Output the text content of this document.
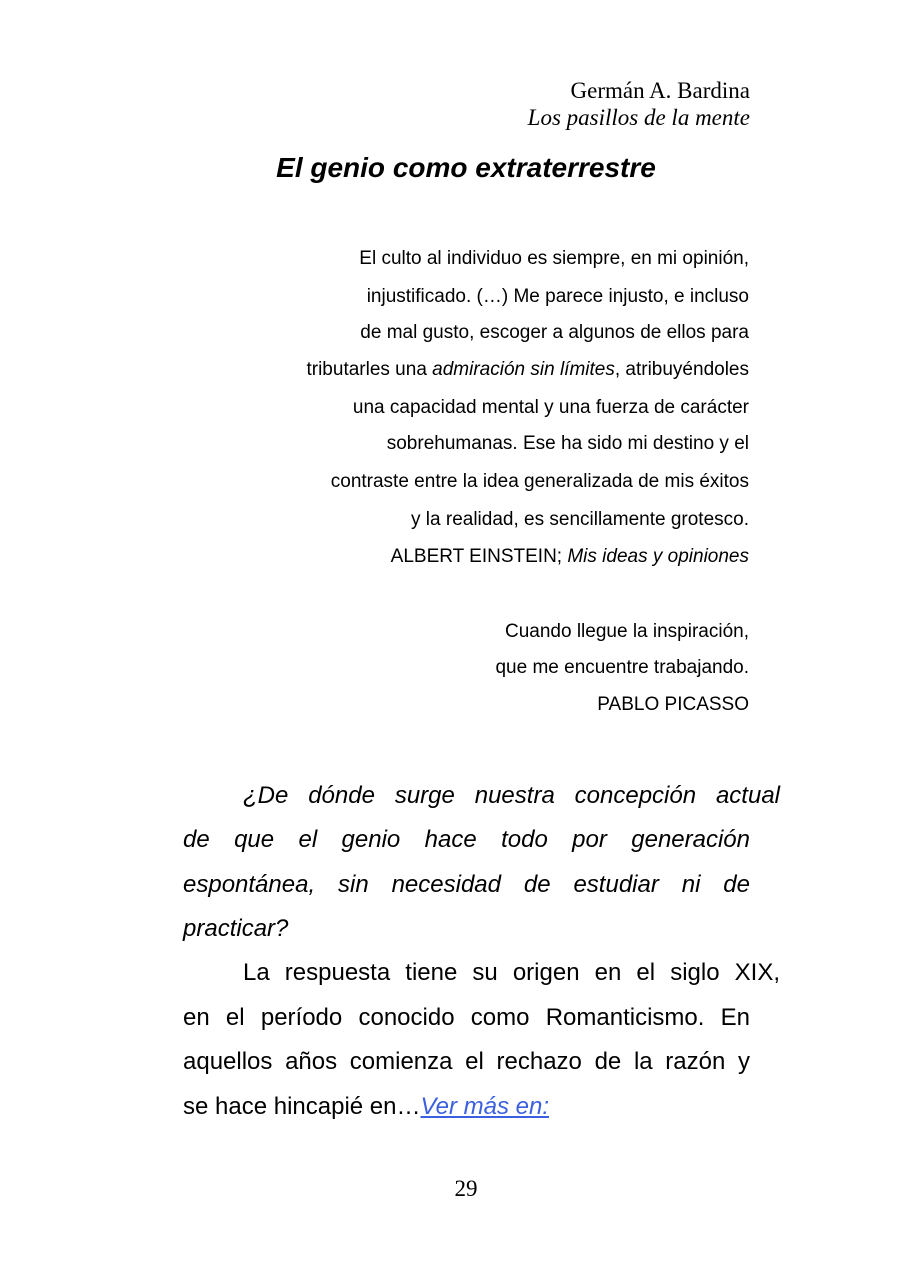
Germán A. Bardina
Los pasillos de la mente
El genio como extraterrestre
El culto al individuo es siempre, en mi opinión,
injustificado. (…) Me parece injusto, e incluso
de mal gusto, escoger a algunos de ellos para
tributarles una admiración sin límites, atribuyéndoles
una capacidad mental y una fuerza de carácter
sobrehumanas. Ese ha sido mi destino y el
contraste entre la idea generalizada de mis éxitos
y la realidad, es sencillamente grotesco.
ALBERT EINSTEIN; Mis ideas y opiniones
Cuando llegue la inspiración,
que me encuentre trabajando.
PABLO PICASSO
¿De dónde surge nuestra concepción actual
de que el genio hace todo por generación
espontánea, sin necesidad de estudiar ni de
practicar?
La respuesta tiene su origen en el siglo XIX,
en el período conocido como Romanticismo. En
aquellos años comienza el rechazo de la razón y
se hace hincapié en…Ver más en:
29
